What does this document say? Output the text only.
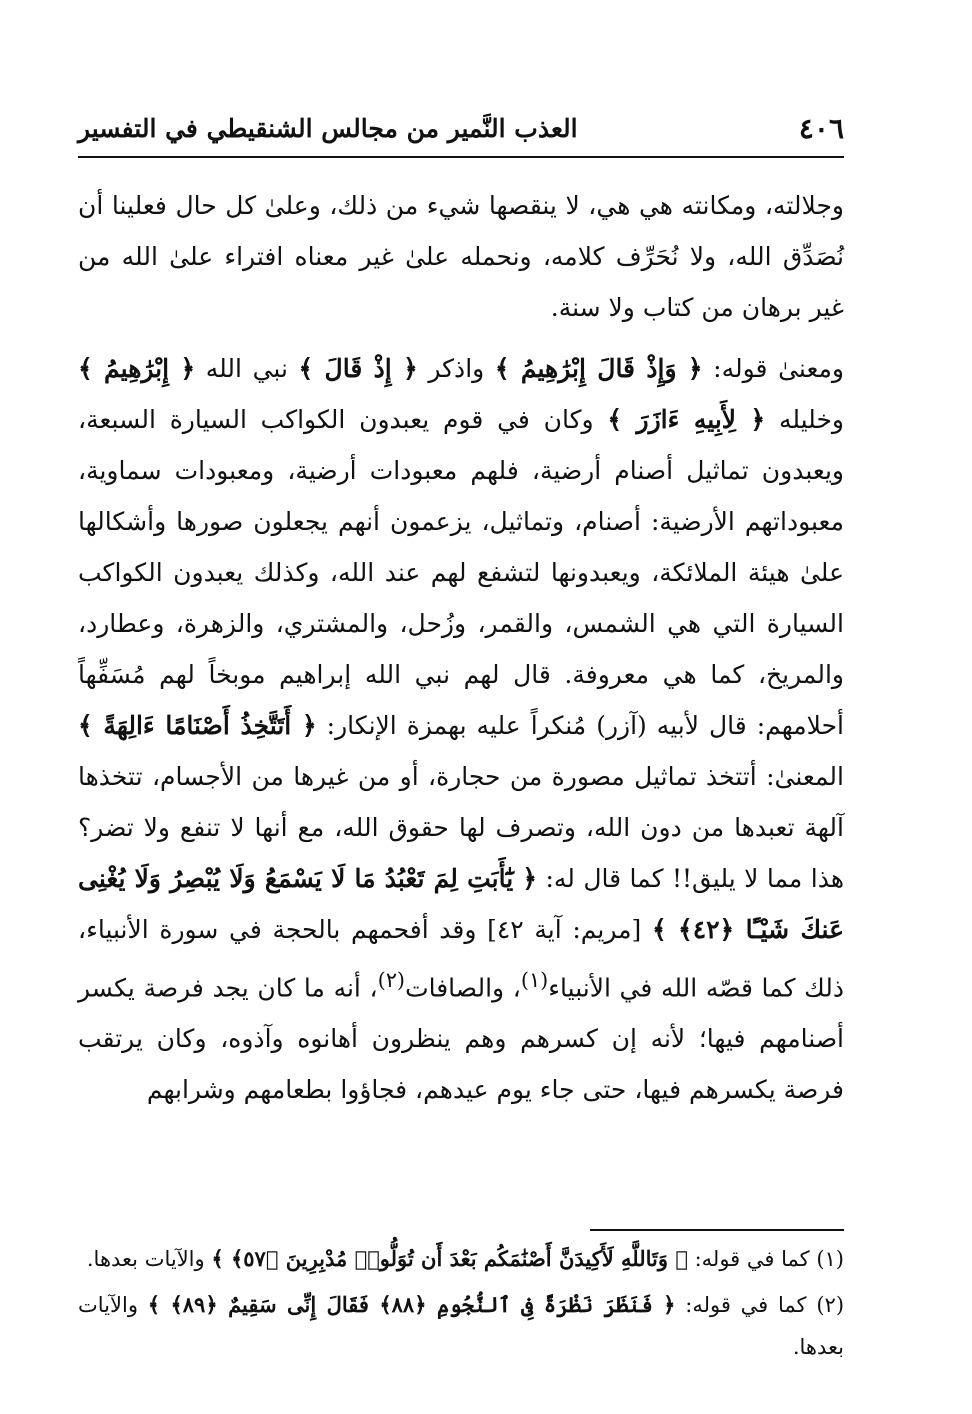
٤٠٦
العذب النَّمير من مجالس الشنقيطي في التفسير

وجلالته، ومكانته هي هي، لا ينقصها شيء من ذلك، وعلىٰ كل حال فعلينا أن نُصَدِّق الله، ولا نُحَرِّف كلامه، ونحمله علىٰ غير معناه افتراء علىٰ الله من غير برهان من كتاب ولا سنة.

ومعنىٰ قوله: ﴿ وَإِذْ قَالَ إِبْرَٰهِيمُ ﴾ واذكر ﴿ إِذْ قَالَ ﴾ نبي الله ﴿ إِبْرَٰهِيمُ ﴾ وخليله ﴿ لِأَبِيهِ ءَازَرَ ﴾ وكان في قوم يعبدون الكواكب السيارة السبعة، ويعبدون تماثيل أصنام أرضية، فلهم معبودات أرضية، ومعبودات سماوية، معبوداتهم الأرضية: أصنام، وتماثيل، يزعمون أنهم يجعلون صورها وأشكالها علىٰ هيئة الملائكة، ويعبدونها لتشفع لهم عند الله، وكذلك يعبدون الكواكب السيارة التي هي الشمس، والقمر، وزُحل، والمشتري، والزهرة، وعطارد، والمريخ، كما هي معروفة. قال لهم نبي الله إبراهيم موبخاً لهم مُسَفِّهاً أحلامهم: قال لأبيه (آزر) مُنكراً عليه بهمزة الإنكار: ﴿ أَتَتَّخِذُ أَصْنَامًا ءَالِهَةً ﴾ المعنىٰ: أتتخذ تماثيل مصورة من حجارة، أو من غيرها من الأجسام، تتخذها آلهة تعبدها من دون الله، وتصرف لها حقوق الله، مع أنها لا تنفع ولا تضر؟ هذا مما لا يليق!! كما قال له: ﴿ يَٰٓأَبَتِ لِمَ تَعْبُدُ مَا لَا يَسْمَعُ وَلَا يُبْصِرُ وَلَا يُغْنِى عَنكَ شَيْـًٔا ﴿٤٢﴾ ﴾ [مريم: آية ٤٢] وقد أفحمهم بالحجة في سورة الأنبياء، ذلك كما قصّه الله في الأنبياء$^{(١)}$، والصافات$^{(٢)}$، أنه ما كان يجد فرصة يكسر أصنامهم فيها؛ لأنه إن كسرهم وهم ينظرون أهانوه وآذوه، وكان يرتقب فرصة يكسرهم فيها، حتى جاء يوم عيدهم، فجاؤوا بطعامهم وشرابهم

(١) كما في قوله: ﴿ وَتَاللَّهِ لَأَكِيدَنَّ أَصْنَٰمَكُم بَعْدَ أَن تُوَلُّوا۟ مُدْبِرِينَ ﴿٥٧﴾ ﴾ والآيات بعدها.

(٢) كما في قوله: ﴿ فَنَظَرَ نَظْرَةً فِى ٱلنُّجُومِ ﴿٨٨﴾ فَقَالَ إِنِّى سَقِيمٌ ﴿٨٩﴾ ﴾ والآيات بعدها.
